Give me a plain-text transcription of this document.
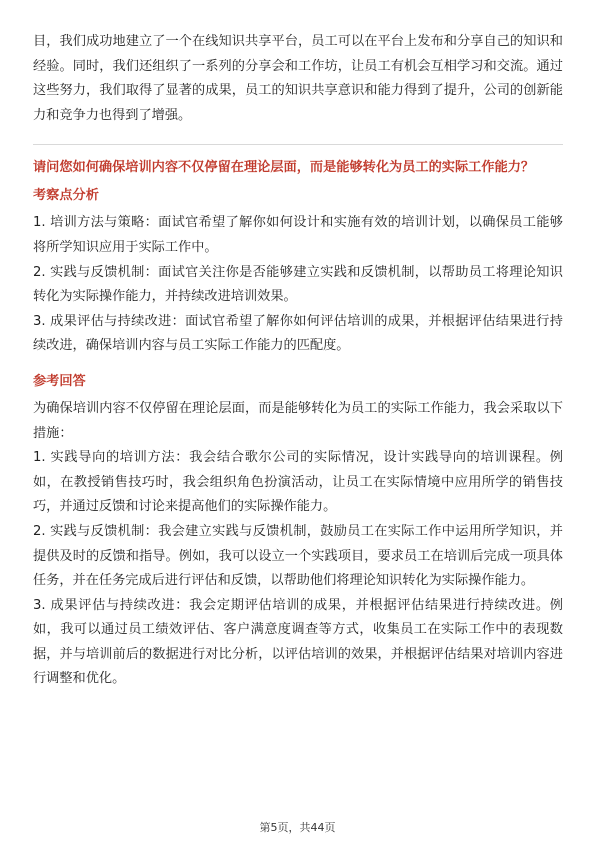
目，我们成功地建立了一个在线知识共享平台，员工可以在平台上发布和分享自己的知识和经验。同时，我们还组织了一系列的分享会和工作坊，让员工有机会互相学习和交流。通过这些努力，我们取得了显著的成果，员工的知识共享意识和能力得到了提升，公司的创新能力和竞争力也得到了增强。

请问您如何确保培训内容不仅停留在理论层面，而是能够转化为员工的实际工作能力？

考察点分析

1. 培训方法与策略：面试官希望了解你如何设计和实施有效的培训计划，以确保员工能够将所学知识应用于实际工作中。

2. 实践与反馈机制：面试官关注你是否能够建立实践和反馈机制，以帮助员工将理论知识转化为实际操作能力，并持续改进培训效果。

3. 成果评估与持续改进：面试官希望了解你如何评估培训的成果，并根据评估结果进行持续改进，确保培训内容与员工实际工作能力的匹配度。

参考回答

为确保培训内容不仅停留在理论层面，而是能够转化为员工的实际工作能力，我会采取以下措施：

1. 实践导向的培训方法：我会结合歌尔公司的实际情况，设计实践导向的培训课程。例如，在教授销售技巧时，我会组织角色扮演活动，让员工在实际情境中应用所学的销售技巧，并通过反馈和讨论来提高他们的实际操作能力。

2. 实践与反馈机制：我会建立实践与反馈机制，鼓励员工在实际工作中运用所学知识，并提供及时的反馈和指导。例如，我可以设立一个实践项目，要求员工在培训后完成一项具体任务，并在任务完成后进行评估和反馈，以帮助他们将理论知识转化为实际操作能力。

3. 成果评估与持续改进：我会定期评估培训的成果，并根据评估结果进行持续改进。例如，我可以通过员工绩效评估、客户满意度调查等方式，收集员工在实际工作中的表现数据，并与培训前后的数据进行对比分析，以评估培训的效果，并根据评估结果对培训内容进行调整和优化。

第5页，共44页
